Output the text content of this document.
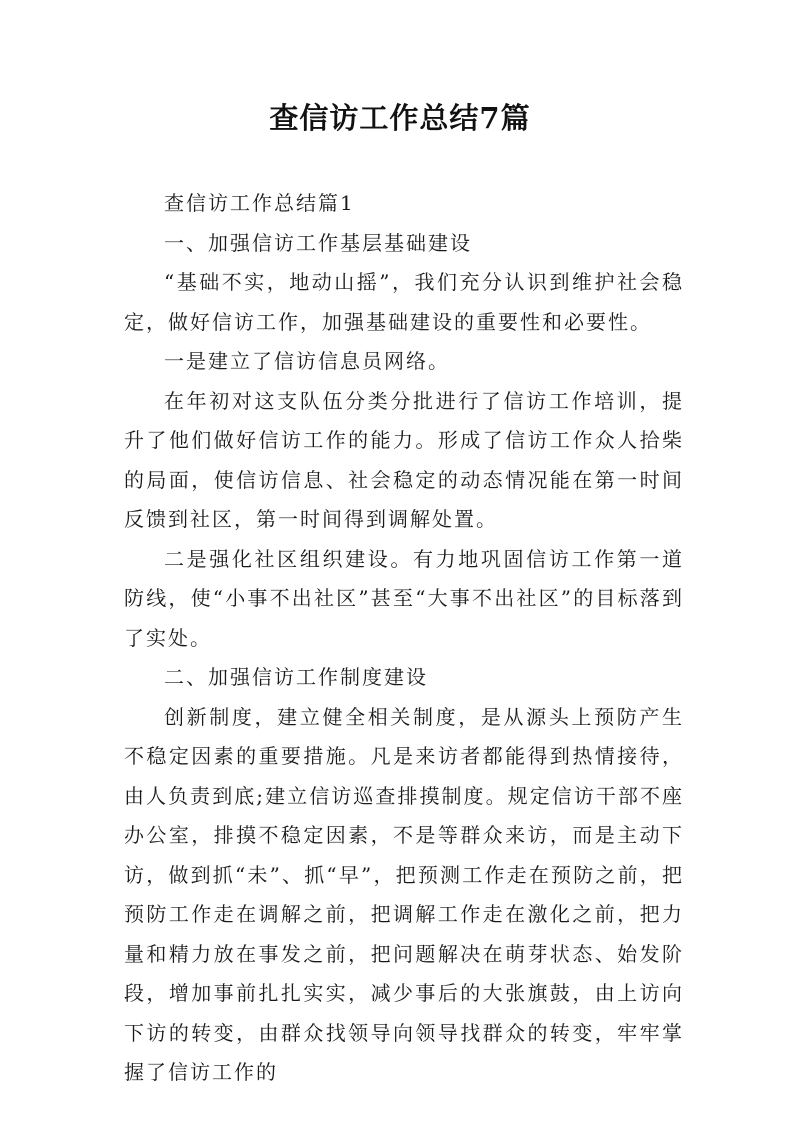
查信访工作总结7篇

查信访工作总结篇1

一、加强信访工作基层基础建设

“基础不实，地动山摇”，我们充分认识到维护社会稳定，做好信访工作，加强基础建设的重要性和必要性。

一是建立了信访信息员网络。

在年初对这支队伍分类分批进行了信访工作培训，提升了他们做好信访工作的能力。形成了信访工作众人拾柴的局面，使信访信息、社会稳定的动态情况能在第一时间反馈到社区，第一时间得到调解处置。

二是强化社区组织建设。有力地巩固信访工作第一道防线，使“小事不出社区”甚至“大事不出社区”的目标落到了实处。

二、加强信访工作制度建设

创新制度，建立健全相关制度，是从源头上预防产生不稳定因素的重要措施。凡是来访者都能得到热情接待，由人负责到底;建立信访巡查排摸制度。规定信访干部不座办公室，排摸不稳定因素，不是等群众来访，而是主动下访，做到抓“未”、抓“早”，把预测工作走在预防之前，把预防工作走在调解之前，把调解工作走在激化之前，把力量和精力放在事发之前，把问题解决在萌芽状态、始发阶段，增加事前扎扎实实，减少事后的大张旗鼓，由上访向下访的转变，由群众找领导向领导找群众的转变，牢牢掌握了信访工作的
